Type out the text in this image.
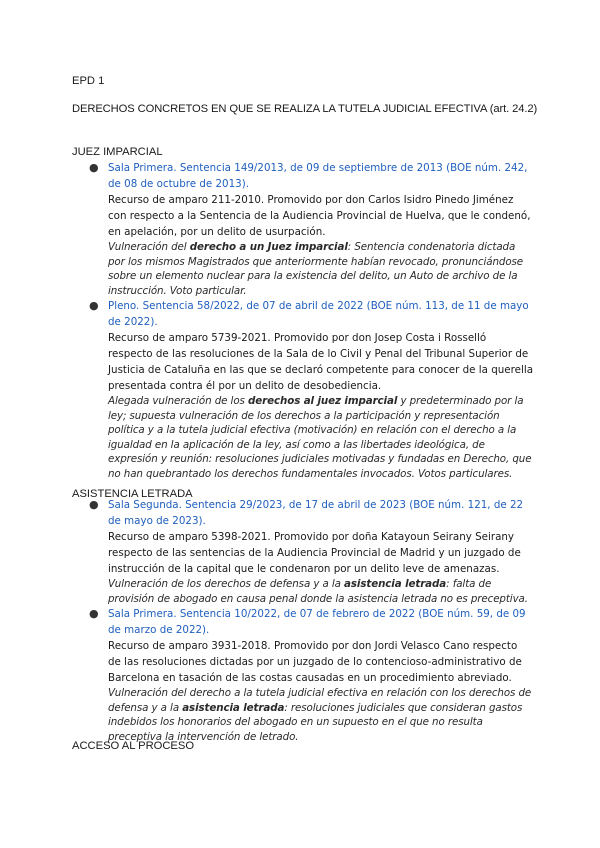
EPD 1
DERECHOS CONCRETOS EN QUE SE REALIZA LA TUTELA JUDICIAL EFECTIVA (art. 24.2)
JUEZ IMPARCIAL
● Sala Primera. Sentencia 149/2013, de 09 de septiembre de 2013 (BOE núm. 242, de 08 de octubre de 2013).
Recurso de amparo 211-2010. Promovido por don Carlos Isidro Pinedo Jiménez con respecto a la Sentencia de la Audiencia Provincial de Huelva, que le condenó, en apelación, por un delito de usurpación.
Vulneración del derecho a un Juez imparcial: Sentencia condenatoria dictada por los mismos Magistrados que anteriormente habían revocado, pronunciándose sobre un elemento nuclear para la existencia del delito, un Auto de archivo de la instrucción. Voto particular.
● Pleno. Sentencia 58/2022, de 07 de abril de 2022 (BOE núm. 113, de 11 de mayo de 2022).
Recurso de amparo 5739-2021. Promovido por don Josep Costa i Rosselló respecto de las resoluciones de la Sala de lo Civil y Penal del Tribunal Superior de Justicia de Cataluña en las que se declaró competente para conocer de la querella presentada contra él por un delito de desobediencia.
Alegada vulneración de los derechos al juez imparcial y predeterminado por la ley; supuesta vulneración de los derechos a la participación y representación política y a la tutela judicial efectiva (motivación) en relación con el derecho a la igualdad en la aplicación de la ley, así como a las libertades ideológica, de expresión y reunión: resoluciones judiciales motivadas y fundadas en Derecho, que no han quebrantado los derechos fundamentales invocados. Votos particulares.
ASISTENCIA LETRADA
● Sala Segunda. Sentencia 29/2023, de 17 de abril de 2023 (BOE núm. 121, de 22 de mayo de 2023).
Recurso de amparo 5398-2021. Promovido por doña Katayoun Seirany Seirany respecto de las sentencias de la Audiencia Provincial de Madrid y un juzgado de instrucción de la capital que le condenaron por un delito leve de amenazas.
Vulneración de los derechos de defensa y a la asistencia letrada: falta de provisión de abogado en causa penal donde la asistencia letrada no es preceptiva.
● Sala Primera. Sentencia 10/2022, de 07 de febrero de 2022 (BOE núm. 59, de 09 de marzo de 2022).
Recurso de amparo 3931-2018. Promovido por don Jordi Velasco Cano respecto de las resoluciones dictadas por un juzgado de lo contencioso-administrativo de Barcelona en tasación de las costas causadas en un procedimiento abreviado.
Vulneración del derecho a la tutela judicial efectiva en relación con los derechos de defensa y a la asistencia letrada: resoluciones judiciales que consideran gastos indebidos los honorarios del abogado en un supuesto en el que no resulta preceptiva la intervención de letrado.
ACCESO AL PROCESO
